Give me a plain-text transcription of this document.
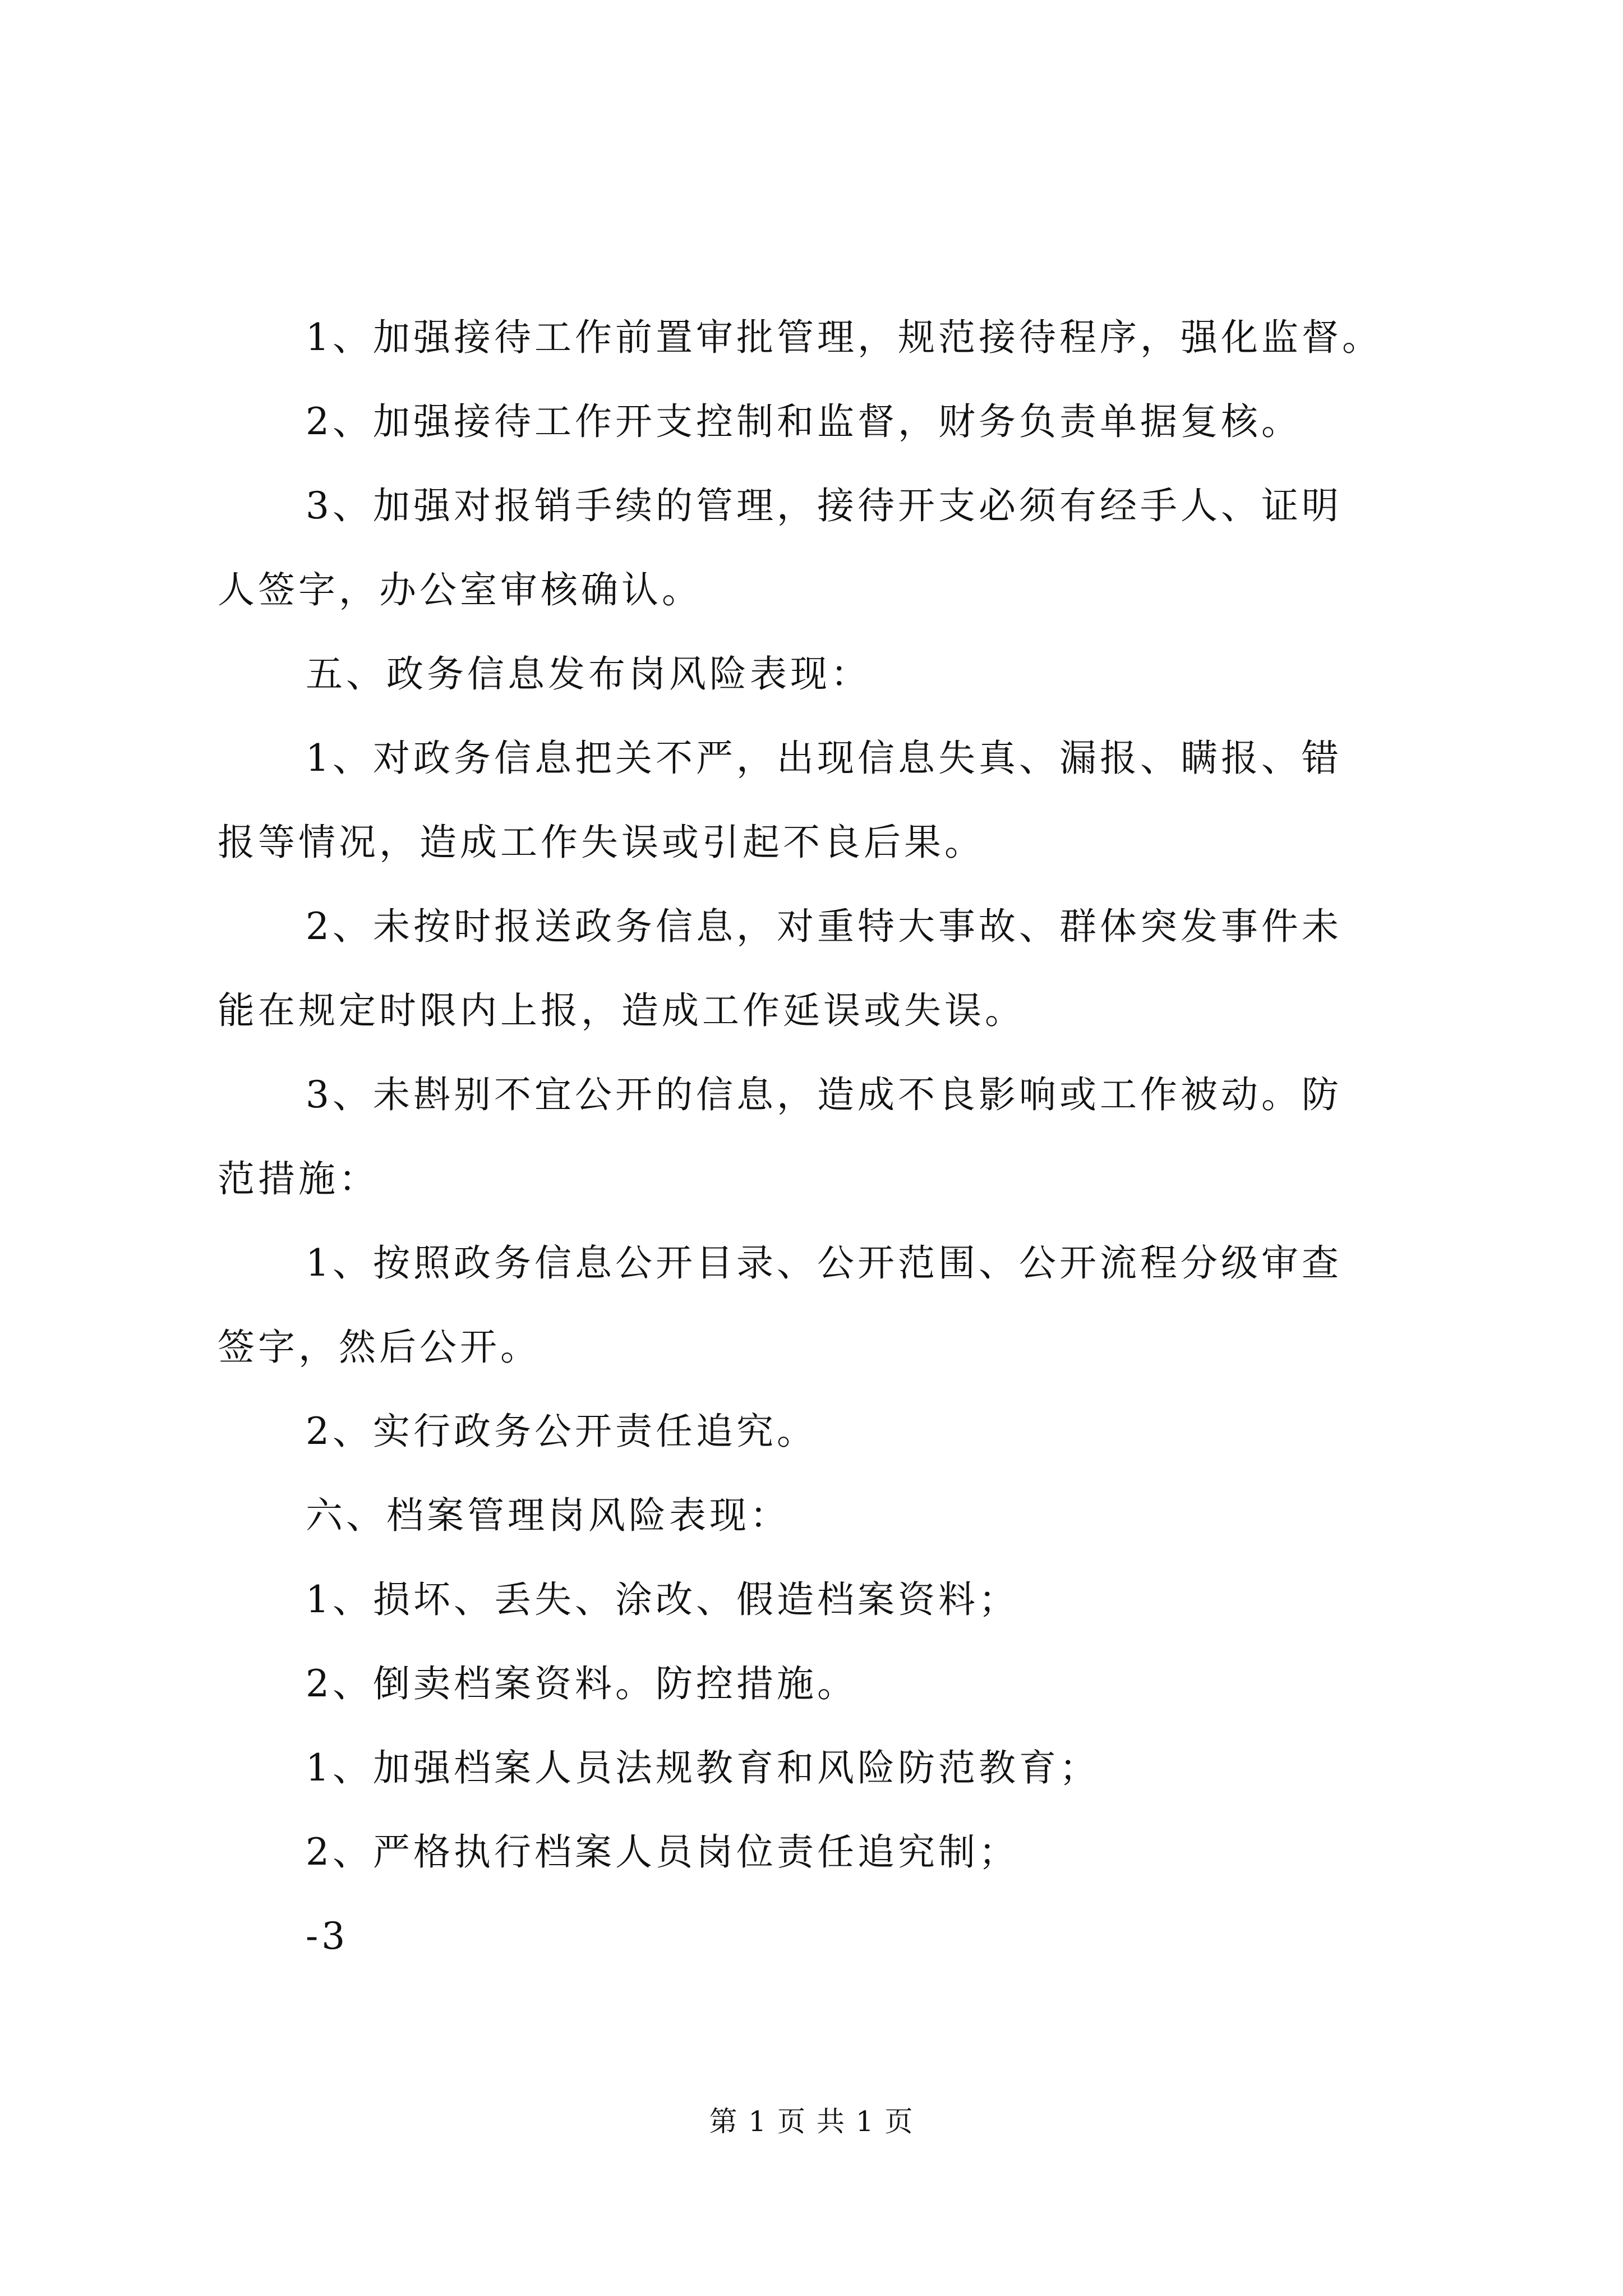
1、加强接待工作前置审批管理，规范接待程序，强化监督。
2、加强接待工作开支控制和监督，财务负责单据复核。
3、加强对报销手续的管理，接待开支必须有经手人、证明
人签字，办公室审核确认。
五、政务信息发布岗风险表现：
1、对政务信息把关不严，出现信息失真、漏报、瞒报、错
报等情况，造成工作失误或引起不良后果。
2、未按时报送政务信息，对重特大事故、群体突发事件未
能在规定时限内上报，造成工作延误或失误。
3、未斟别不宜公开的信息，造成不良影响或工作被动。防
范措施：
1、按照政务信息公开目录、公开范围、公开流程分级审查
签字，然后公开。
2、实行政务公开责任追究。
六、档案管理岗风险表现：
1、损坏、丢失、涂改、假造档案资料；
2、倒卖档案资料。防控措施。
1、加强档案人员法规教育和风险防范教育；
2、严格执行档案人员岗位责任追究制；
-3
第 1 页 共 1 页
